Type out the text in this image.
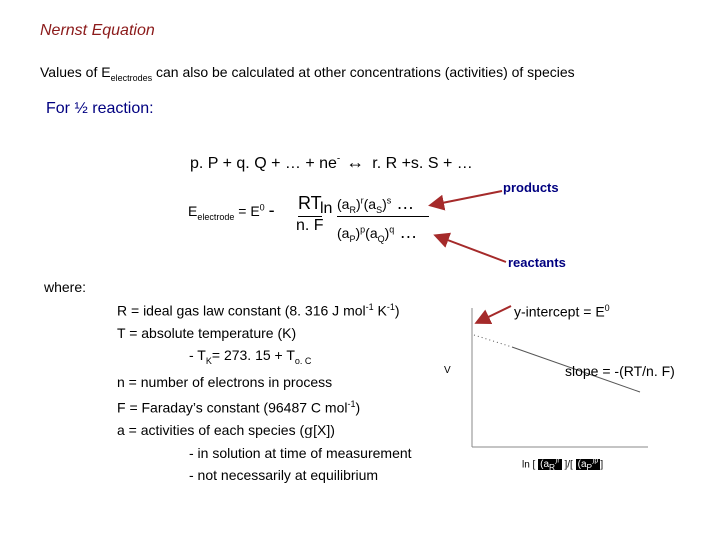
Nernst Equation
Values of $E_{electrodes}$ can also be calculated at other concentrations (activities) of species
For ½ reaction:
p. P + q. Q + … + ne- ↔ r. R +s. S + …
$E_{electrode} = E^0$ - RT
n. F
$\ln (a_R)^r(a_S)^s$ …
$(a_P)^p(a_Q)^q$ …
products
reactants
where:
R = ideal gas law constant (8. 316 J mol$^{-1}$ $K^{-1}$)
T = absolute temperature (K)
- $T_K= 273$. $15 + T_{o. C}$
n = number of electrons in process
F = Faraday’s constant (96487 C mol$^{-1}$)
a = activities of each species (g[X])
- in solution at time of measurement
- not necessarily at equilibrium
y-intercept = $E^0$
slope = -(RT/n. F)
V
ln [ ($a_R^{)r}$ ]/[ ($a_P^{)p}$ ]
